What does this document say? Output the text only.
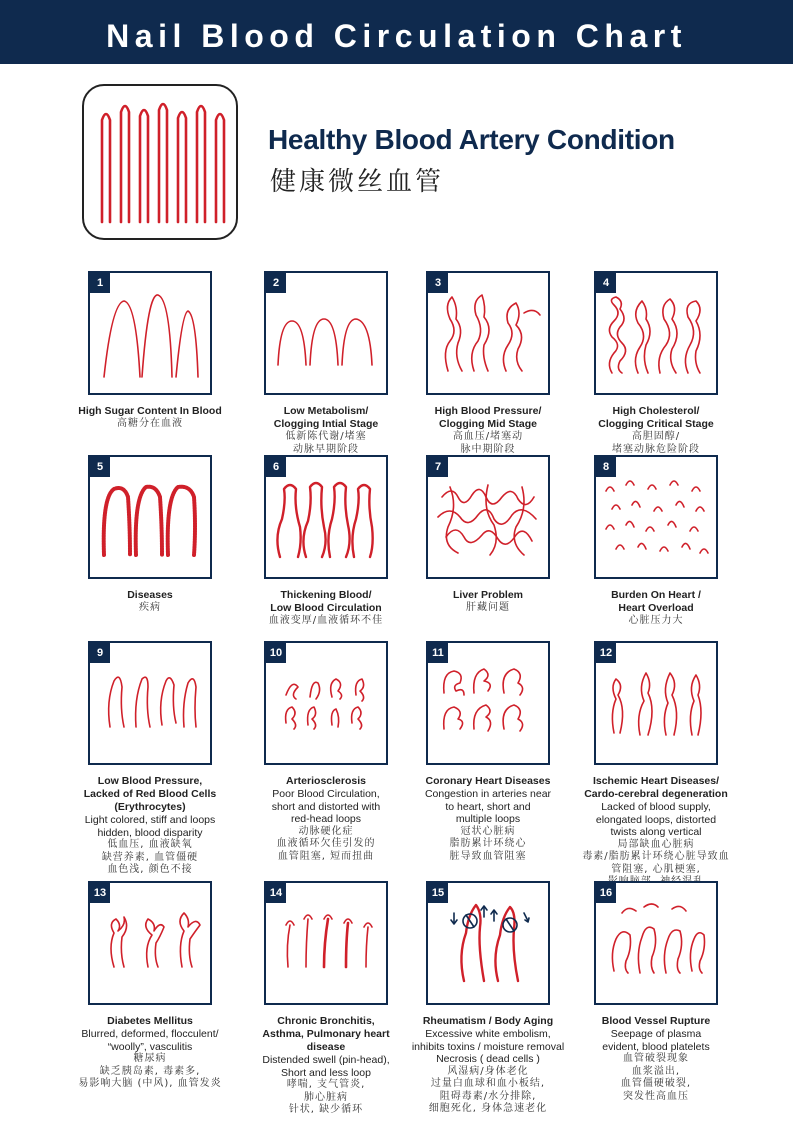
Nail Blood Circulation Chart
Healthy Blood Artery Condition
健康微丝血管
1
High Sugar Content In Blood
高糖分在血液
2
Low Metabolism/
Clogging Intial Stage
低新陈代谢/堵塞
动脉早期阶段
3
High Blood Pressure/
Clogging Mid Stage
高血压/堵塞动
脉中期阶段
4
High Cholesterol/
Clogging Critical Stage
高胆固醇/
堵塞动脉危险阶段
5
Diseases
疾病
6
Thickening Blood/
Low Blood Circulation
血液变厚/血液循环不佳
7
Liver Problem
肝藏问题
8
Burden On Heart /
Heart Overload
心脏压力大
9
Low Blood Pressure,
Lacked of Red Blood Cells
(Erythrocytes)
Light colored, stiff and loops
hidden, blood disparity
低血压, 血液缺氧
缺营养素, 血管僵硬
血色浅, 颜色不接
10
Arteriosclerosis
Poor Blood Circulation,
short and distorted with
red-head loops
动脉硬化症
血液循环欠佳引发的
血管阻塞, 短而扭曲
11
Coronary Heart Diseases
Congestion in arteries near
to heart, short and
multiple loops
冠状心脏病
脂肪累计环绕心
脏导致血管阻塞
12
Ischemic Heart Diseases/
Cardo-cerebral degeneration
Lacked of blood supply,
elongated loops, distorted
twists along vertical
局部缺血心脏病
毒素/脂肪累计环绕心脏导致血
管阻塞, 心肌梗塞,

13
Diabetes Mellitus
Blurred, deformed, flocculent/
“woolly”, vasculitis
糖尿病
缺乏胰岛素, 毒素多,
易影响大脑 (中风), 血管发炎
14
Chronic Bronchitis,
Asthma, Pulmonary heart
disease
Distended swell (pin-head),
Short and less loop
哮喘, 支气管炎,
肺心脏病
针状, 缺少循环
15
Rheumatism / Body Aging
Excessive white embolism,
inhibits toxins / moisture removal
Necrosis ( dead cells )
风湿病/身体老化
过量白血球和血小板结,
阻碍毒素/水分排除,
细胞死化, 身体急速老化
16
Blood Vessel Rupture
Seepage of plasma
evident, blood platelets
血管破裂现象
血浆溢出,
血管僵硬破裂,
突发性高血压
